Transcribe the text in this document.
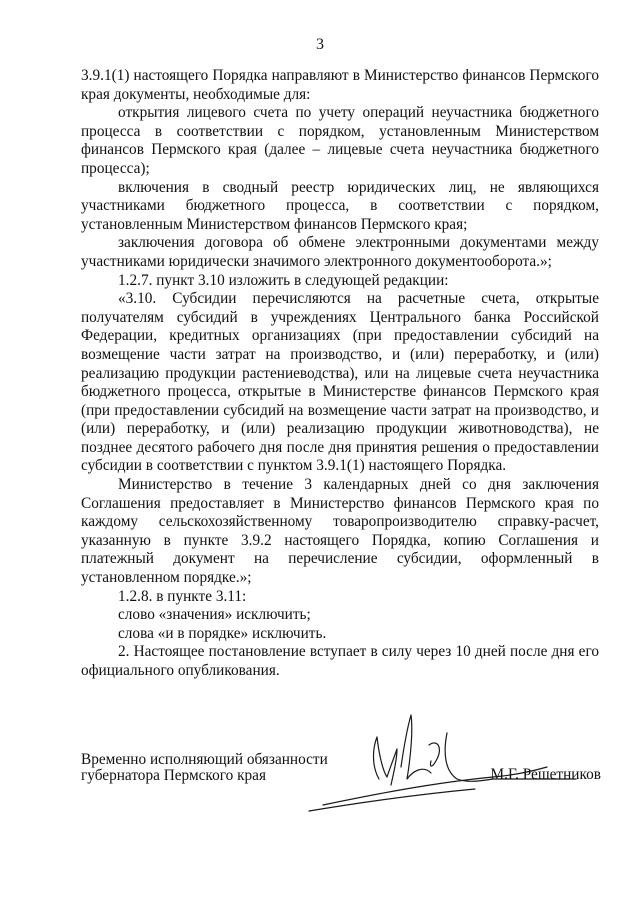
3

3.9.1(1) настоящего Порядка направляют в Министерство финансов Пермского края документы, необходимые для:

открытия лицевого счета по учету операций неучастника бюджетного процесса в соответствии с порядком, установленным Министерством финансов Пермского края (далее – лицевые счета неучастника бюджетного процесса);

включения в сводный реестр юридических лиц, не являющихся участниками бюджетного процесса, в соответствии с порядком, установленным Министерством финансов Пермского края;

заключения договора об обмене электронными документами между участниками юридически значимого электронного документооборота.»;

1.2.7. пункт 3.10 изложить в следующей редакции:

«3.10. Субсидии перечисляются на расчетные счета, открытые получателям субсидий в учреждениях Центрального банка Российской Федерации, кредитных организациях (при предоставлении субсидий на возмещение части затрат на производство, и (или) переработку, и (или) реализацию продукции растениеводства), или на лицевые счета неучастника бюджетного процесса, открытые в Министерстве финансов Пермского края (при предоставлении субсидий на возмещение части затрат на производство, и (или) переработку, и (или) реализацию продукции животноводства), не позднее десятого рабочего дня после дня принятия решения о предоставлении субсидии в соответствии с пунктом 3.9.1(1) настоящего Порядка.

Министерство в течение 3 календарных дней со дня заключения Соглашения предоставляет в Министерство финансов Пермского края по каждому сельскохозяйственному товаропроизводителю справку-расчет, указанную в пункте 3.9.2 настоящего Порядка, копию Соглашения и платежный документ на перечисление субсидии, оформленный в установленном порядке.»;

1.2.8. в пункте 3.11:

слово «значения» исключить;

слова «и в порядке» исключить.

2. Настоящее постановление вступает в силу через 10 дней после дня его официального опубликования.

Временно исполняющий обязанности
губернатора Пермского края	М.Г. Решетников
